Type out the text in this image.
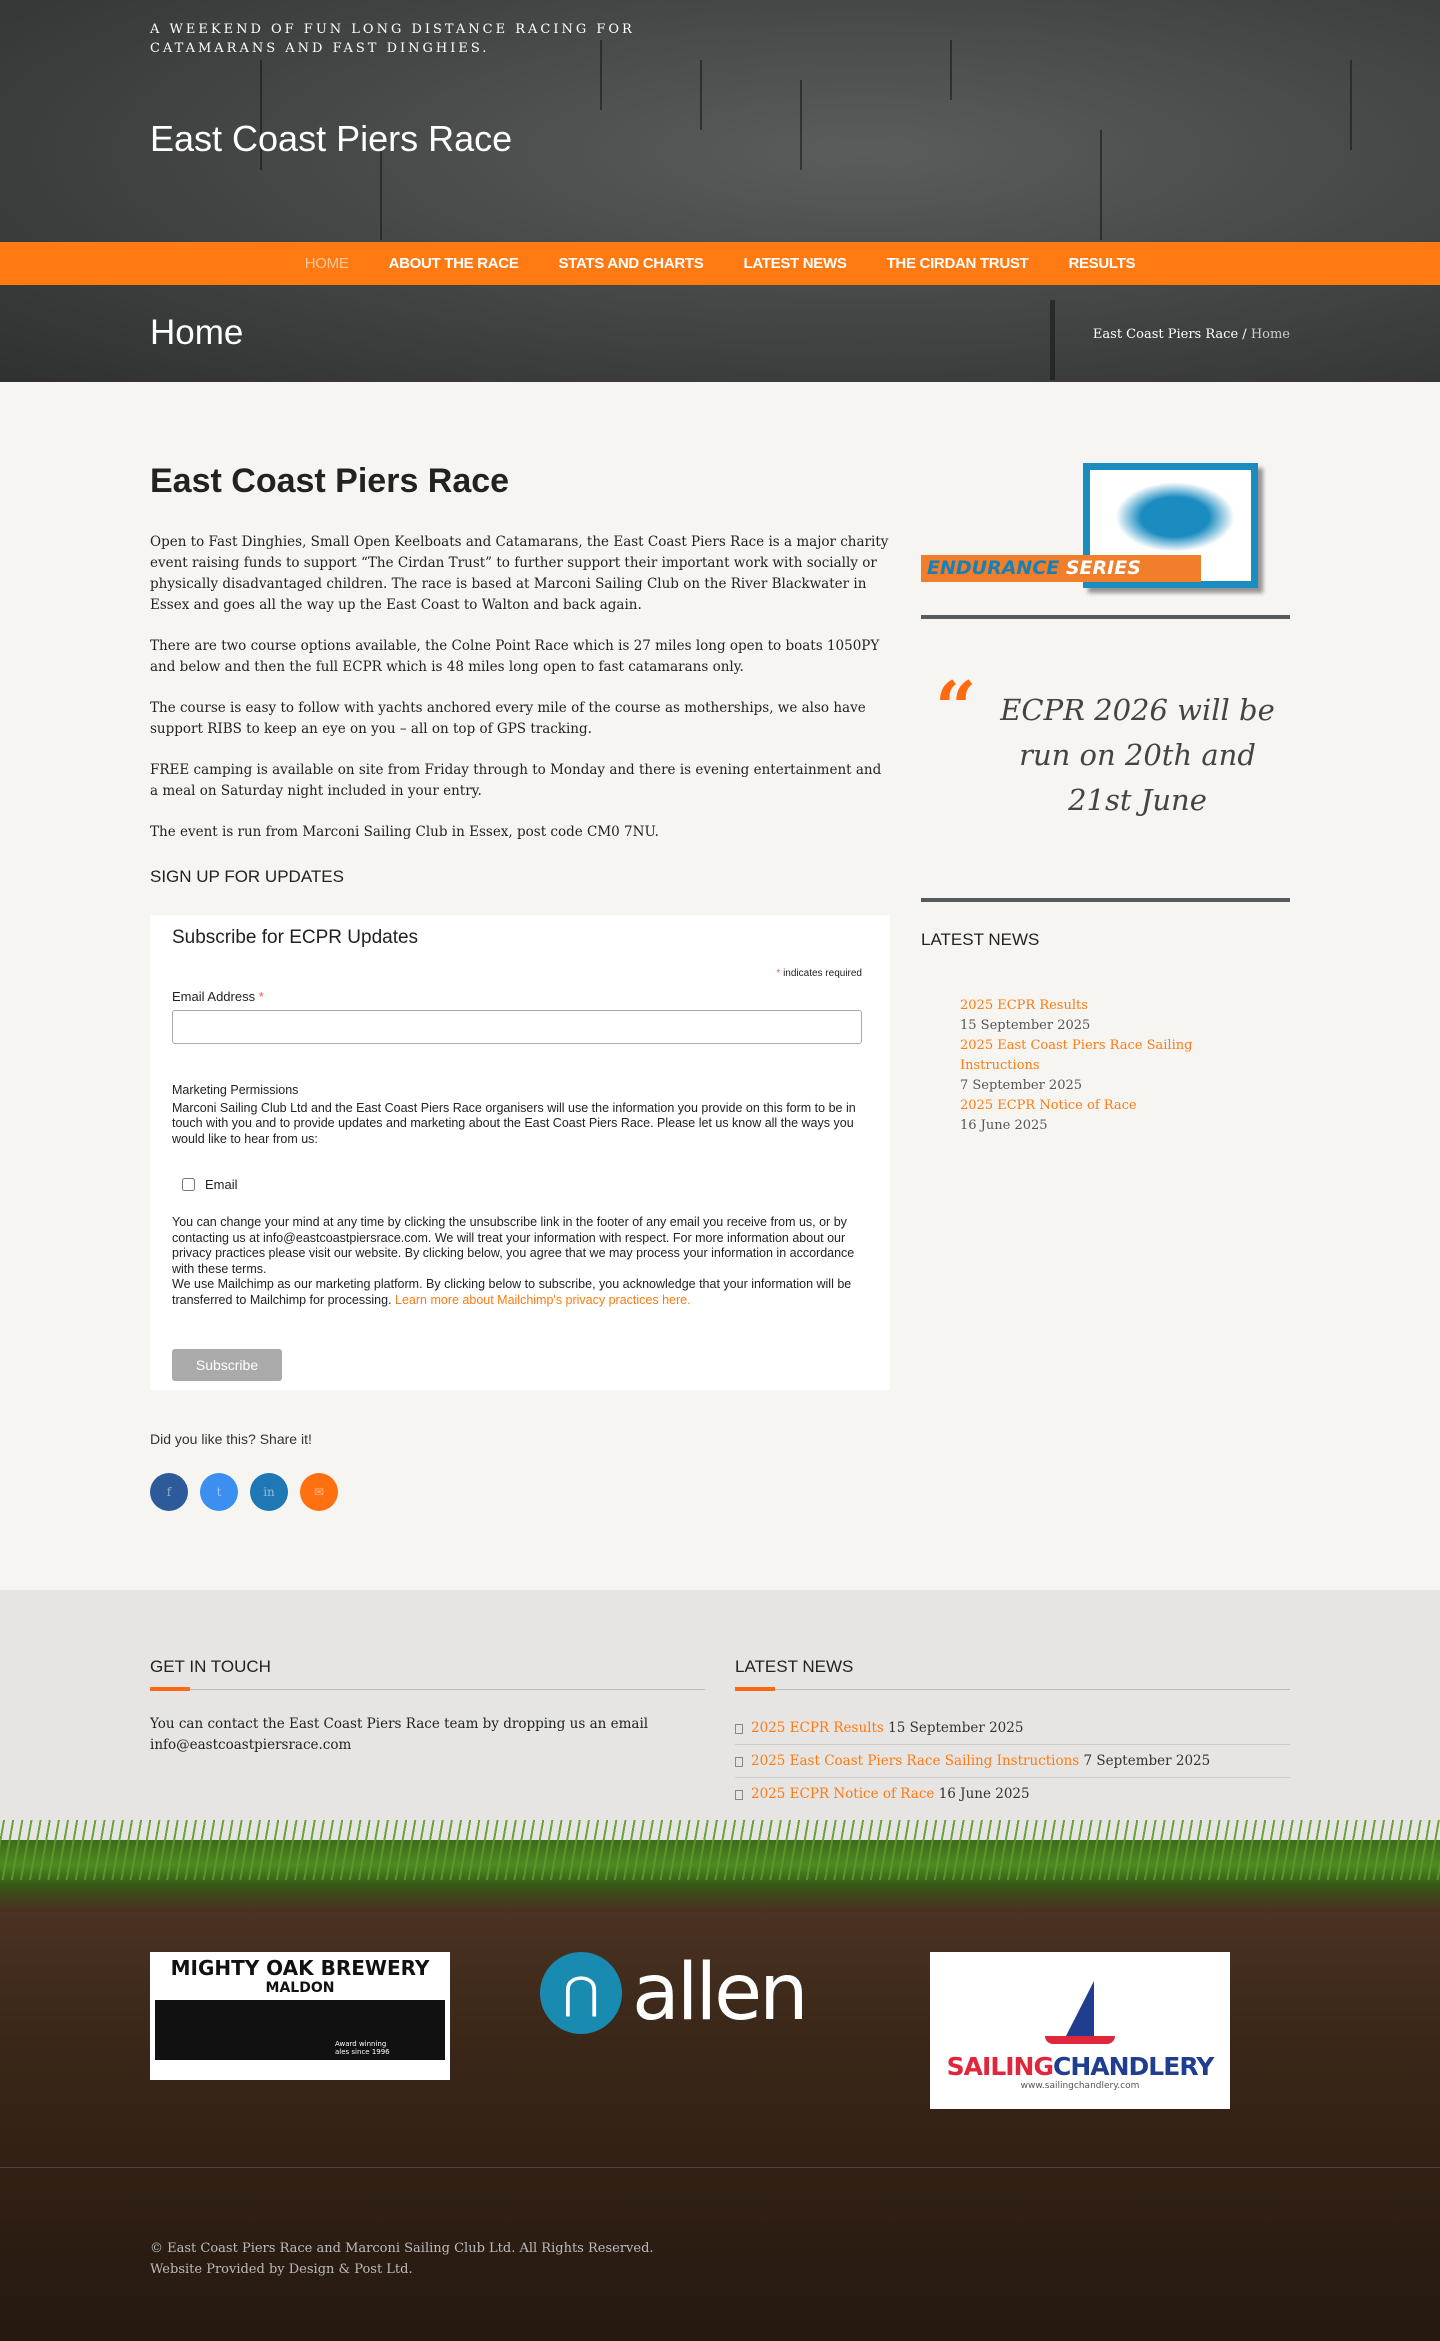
A WEEKEND OF FUN LONG DISTANCE RACING FOR CATAMARANS AND FAST DINGHIES.
East Coast Piers Race
HOME	ABOUT THE RACE	STATS AND CHARTS	LATEST NEWS	THE CIRDAN TRUST	RESULTS
Home	East Coast Piers Race / Home
East Coast Piers Race

Open to Fast Dinghies, Small Open Keelboats and Catamarans, the East Coast Piers Race is a major charity event raising funds to support “The Cirdan Trust” to further support their important work with socially or physically disadvantaged children. The race is based at Marconi Sailing Club on the River Blackwater in Essex and goes all the way up the East Coast to Walton and back again.

There are two course options available, the Colne Point Race which is 27 miles long open to boats 1050PY and below and then the full ECPR which is 48 miles long open to fast catamarans only.

The course is easy to follow with yachts anchored every mile of the course as motherships, we also have support RIBS to keep an eye on you – all on top of GPS tracking.

FREE camping is available on site from Friday through to Monday and there is evening entertainment and a meal on Saturday night included in your entry.

The event is run from Marconi Sailing Club in Essex, post code CM0 7NU.

SIGN UP FOR UPDATES
Subscribe for ECPR Updates
* indicates required
Email Address *
Marketing Permissions
Marconi Sailing Club Ltd and the East Coast Piers Race organisers will use the information you provide on this form to be in touch with you and to provide updates and marketing about the East Coast Piers Race. Please let us know all the ways you would like to hear from us:
Email
You can change your mind at any time by clicking the unsubscribe link in the footer of any email you receive from us, or by contacting us at info@eastcoastpiersrace.com. We will treat your information with respect. For more information about our privacy practices please visit our website. By clicking below, you agree that we may process your information in accordance with these terms.
We use Mailchimp as our marketing platform. By clicking below to subscribe, you acknowledge that your information will be transferred to Mailchimp for processing. Learn more about Mailchimp's privacy practices here.
Subscribe
Did you like this? Share it!
f	t	in	✉
ENDURANCE SERIES
“ ECPR 2026 will be run on 20th and 21st June
LATEST NEWS
2025 ECPR Results
15 September 2025
2025 East Coast Piers Race Sailing Instructions
7 September 2025
2025 ECPR Notice of Race
16 June 2025
GET IN TOUCH	LATEST NEWS
You can contact the East Coast Piers Race team by dropping us an email
info@eastcoastpiersrace.com
2025 ECPR Results 15 September 2025
2025 East Coast Piers Race Sailing Instructions 7 September 2025
2025 ECPR Notice of Race 16 June 2025
MIGHTY OAK BREWERY
MALDON
Award winning ales since 1996
⋂ allen
SAILINGCHANDLERY
www.sailingchandlery.com
© East Coast Piers Race and Marconi Sailing Club Ltd. All Rights Reserved.
Website Provided by Design & Post Ltd.
